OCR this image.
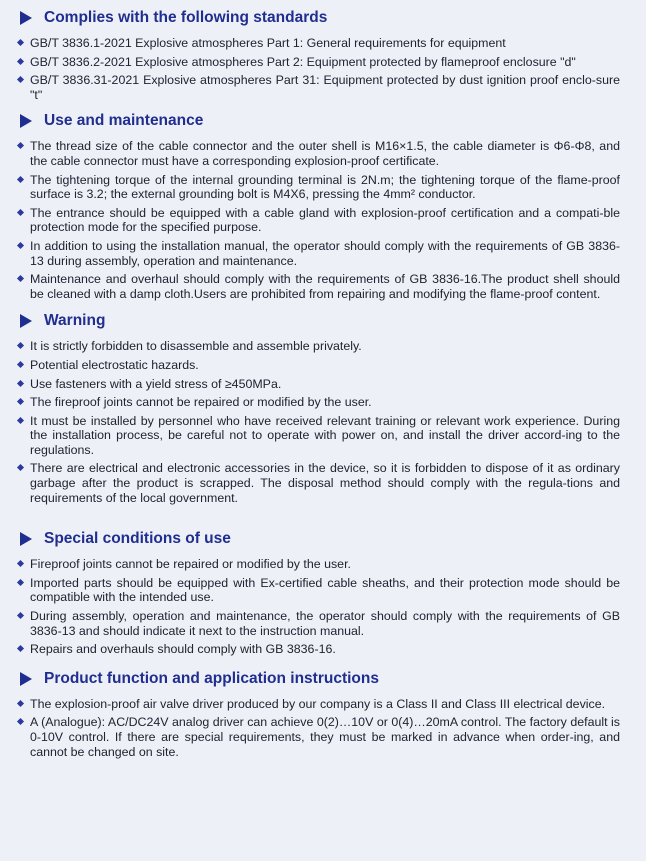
Complies with the following standards
GB/T 3836.1-2021 Explosive atmospheres Part 1: General requirements for equipment
GB/T 3836.2-2021 Explosive atmospheres Part 2: Equipment protected by flameproof enclosure "d"
GB/T 3836.31-2021 Explosive atmospheres Part 31: Equipment protected by dust ignition proof enclo-sure "t"
Use and maintenance
The thread size of the cable connector and the outer shell is M16×1.5, the cable diameter is Φ6-Φ8, and the cable connector must have a corresponding explosion-proof certificate.
The tightening torque of the internal grounding terminal is 2N.m; the tightening torque of the flame-proof surface is 3.2; the external grounding bolt is M4X6, pressing the 4mm² conductor.
The entrance should be equipped with a cable gland with explosion-proof certification and a compati-ble protection mode for the specified purpose.
In addition to using the installation manual, the operator should comply with the requirements of GB 3836-13 during assembly, operation and maintenance.
Maintenance and overhaul should comply with the requirements of GB 3836-16.The product shell should be cleaned with a damp cloth.Users are prohibited from repairing and modifying the flame-proof content.
Warning
It is strictly forbidden to disassemble and assemble privately.
Potential electrostatic hazards.
Use fasteners with a yield stress of ≥450MPa.
The fireproof joints cannot be repaired or modified by the user.
It must be installed by personnel who have received relevant training or relevant work experience. During the installation process, be careful not to operate with power on, and install the driver accord-ing to the regulations.
There are electrical and electronic accessories in the device, so it is forbidden to dispose of it as ordinary garbage after the product is scrapped. The disposal method should comply with the regula-tions and requirements of the local government.
Special conditions of use
Fireproof joints cannot be repaired or modified by the user.
Imported parts should be equipped with Ex-certified cable sheaths, and their protection mode should be compatible with the intended use.
During assembly, operation and maintenance, the operator should comply with the requirements of GB 3836-13 and should indicate it next to the instruction manual.
Repairs and overhauls should comply with GB 3836-16.
Product function and application instructions
The explosion-proof air valve driver produced by our company is a Class II and Class III electrical device.
A (Analogue): AC/DC24V analog driver can achieve 0(2)…10V or 0(4)…20mA control. The factory default is 0-10V control. If there are special requirements, they must be marked in advance when order-ing, and cannot be changed on site.
